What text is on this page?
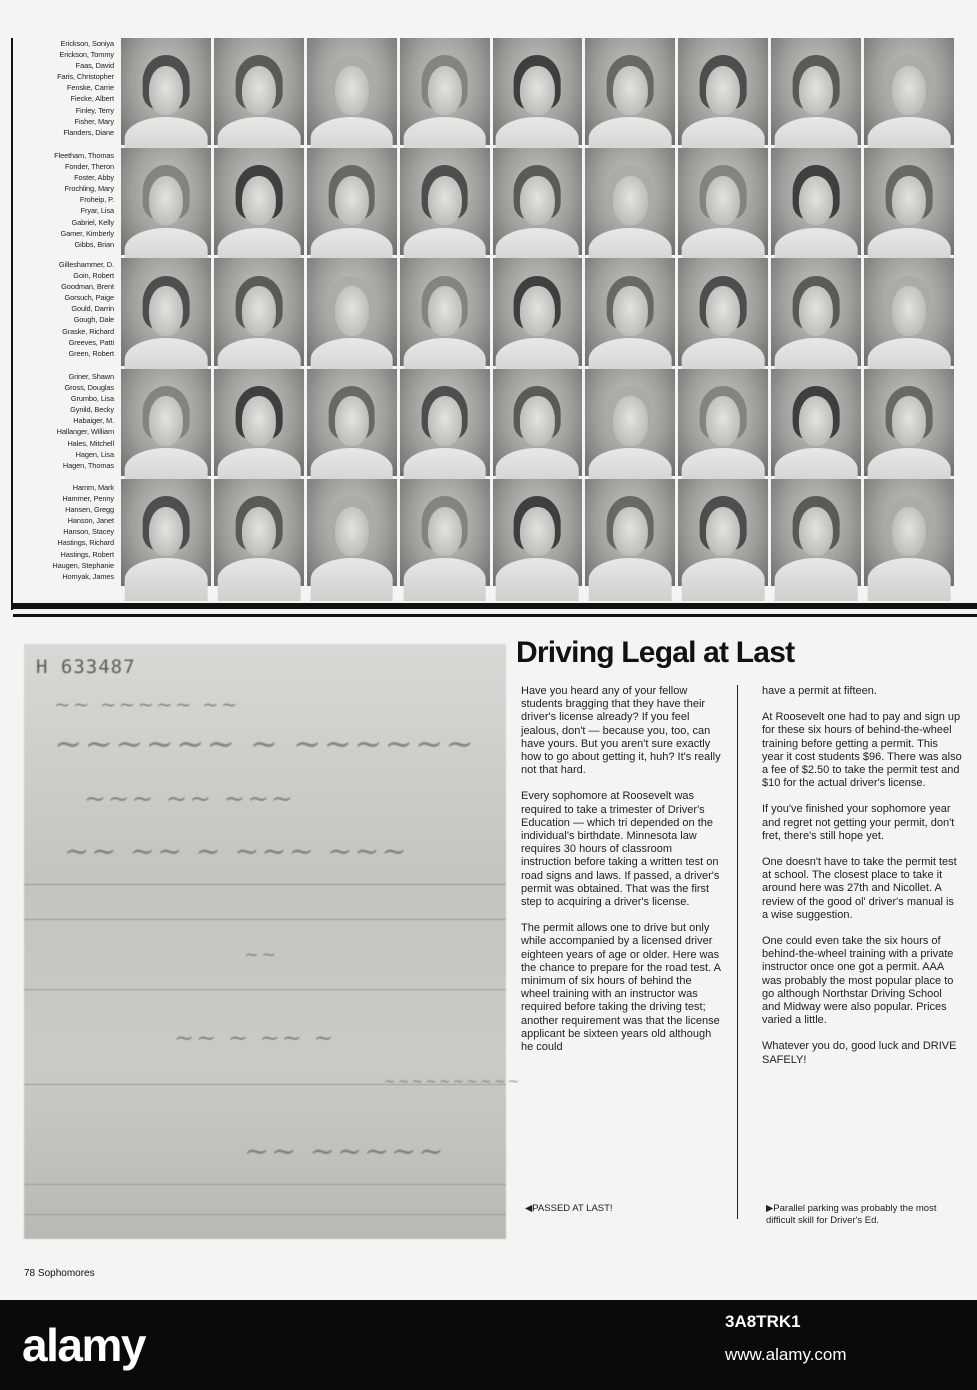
Erickson, Soniya
Erickson, Tommy
Faas, David
Faris, Christopher
Fenske, Carrie
Fiecke, Albert
Finley, Terry
Fisher, Mary
Flanders, Diane
Fleetham, Thomas
Fonder, Theron
Foster, Abby
Frochling, Mary
Froheip, P.
Fryar, Lisa
Gabriel, Kelly
Gamer, Kimberly
Gibbs, Brian
Gilleshammer, D.
Goin, Robert
Goodman, Brent
Gorsuch, Paige
Gould, Darrin
Gough, Dale
Graske, Richard
Greeves, Patti
Green, Robert
Griner, Shawn
Gross, Douglas
Grumbo, Lisa
Gynild, Becky
Habaiger, M.
Hallanger, William
Hales, Mitchell
Hagen, Lisa
Hagen, Thomas
Hamm, Mark
Hammer, Penny
Hansen, Gregg
Hanson, Janet
Hanson, Stacey
Hastings, Richard
Hastings, Robert
Haugen, Stephanie
Homyak, James
H 633487
~~ ~~~~~ ~~
~~~~~~ ~ ~~~~~~
~~~ ~~ ~~~
~~ ~~ ~ ~~~ ~~~
~~
~~ ~ ~~ ~
~~~~~~~~~~
~~ ~~~~~
Driving Legal at Last

Have you heard any of your fellow students bragging that they have their driver's license already? If you feel jealous, don't — because you, too, can have yours. But you aren't sure exactly how to go about getting it, huh? It's really not that hard.

Every sophomore at Roosevelt was required to take a trimester of Driver's Education — which tri depended on the individual's birthdate. Minnesota law requires 30 hours of classroom instruction before taking a written test on road signs and laws. If passed, a driver's permit was obtained. That was the first step to acquiring a driver's license.

The permit allows one to drive but only while accompanied by a licensed driver eighteen years of age or older. Here was the chance to prepare for the road test. A minimum of six hours of behind the wheel training with an instructor was required before taking the driving test; another requirement was that the license applicant be sixteen years old although he could

have a permit at fifteen.

At Roosevelt one had to pay and sign up for these six hours of behind-the-wheel training before getting a permit. This year it cost students $96. There was also a fee of $2.50 to take the permit test and $10 for the actual driver's license.

If you've finished your sophomore year and regret not getting your permit, don't fret, there's still hope yet.

One doesn't have to take the permit test at school. The closest place to take it around here was 27th and Nicollet. A review of the good ol' driver's manual is a wise suggestion.

One could even take the six hours of behind-the-wheel training with a private instructor once one got a permit. AAA was probably the most popular place to go although Northstar Driving School and Midway were also popular. Prices varied a little.

Whatever you do, good luck and DRIVE SAFELY!

◀PASSED AT LAST!	▶Parallel parking was probably the most difficult skill for Driver's Ed.
78 Sophomores
alamy	3A8TRK1
www.alamy.com
